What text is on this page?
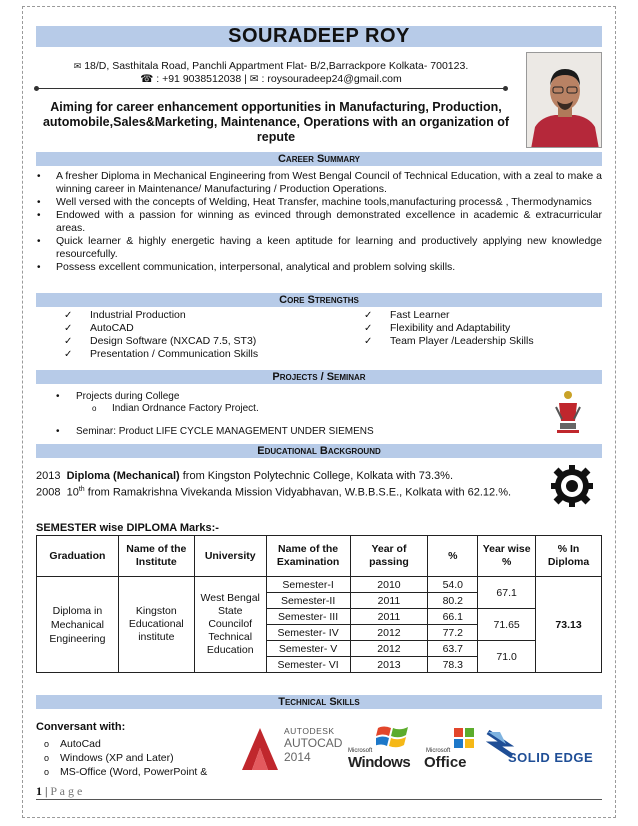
SOURADEEP ROY
✉ 18/D, Sasthitala Road, Panchli Appartment Flat- B/2,Barrackpore Kolkata- 700123.
☎ : +91 9038512038 | ✉ : roysouradeep24@gmail.com
Aiming for career enhancement opportunities in Manufacturing, Production, automobile,Sales&Marketing, Maintenance, Operations with an organization of repute
Career Summary
• A fresher Diploma in Mechanical Engineering from West Bengal Council of Technical Education, with a zeal to make a winning career in Maintenance/ Manufacturing / Production Operations.
• Well versed with the concepts of Welding, Heat Transfer, machine tools,manufacturing process& , Thermodynamics
• Endowed with a passion for winning as evinced through demonstrated excellence in academic & extracurricular areas.
• Quick learner & highly energetic having a keen aptitude for learning and productively applying new knowledge resourcefully.
• Possess excellent communication, interpersonal, analytical and problem solving skills.
Core Strengths
✓ Industrial Production
✓ AutoCAD
✓ Design Software (NXCAD 7.5, ST3)
✓ Presentation / Communication Skills
✓ Fast Learner
✓ Flexibility and Adaptability
✓ Team Player /Leadership Skills
Projects / Seminar
• Projects during College
o Indian Ordnance Factory Project.
• Seminar: Product LIFE CYCLE MANAGEMENT UNDER SIEMENS
Educational Background
2013 Diploma (Mechanical) from Kingston Polytechnic College, Kolkata with 73.3%.
2008 10th from Ramakrishna Vivekanda Mission Vidyabhavan, W.B.B.S.E., Kolkata with 62.12.%.
SEMESTER wise DIPLOMA Marks:-
Graduation	Name of the Institute	University	Name of the Examination	Year of passing	%	Year wise %	% In Diploma
Diploma in Mechanical Engineering	Kingston Educational institute	West Bengal State Councilof Technical Education	Semester-I	2010	54.0	67.1	73.13
			Semester-II	2011	80.2		
			Semester- III	2011	66.1	71.65	
			Semester- IV	2012	77.2		
			Semester- V	2012	63.7	71.0	
			Semester- VI	2013	78.3		
Technical Skills
Conversant with:
o AutoCad
o Windows (XP and Later)
o MS-Office (Word, PowerPoint &
AUTODESK
AUTOCAD
2014	Microsoft
Windows
Microsoft
Office	SOLID EDGE
1 | P a g e
